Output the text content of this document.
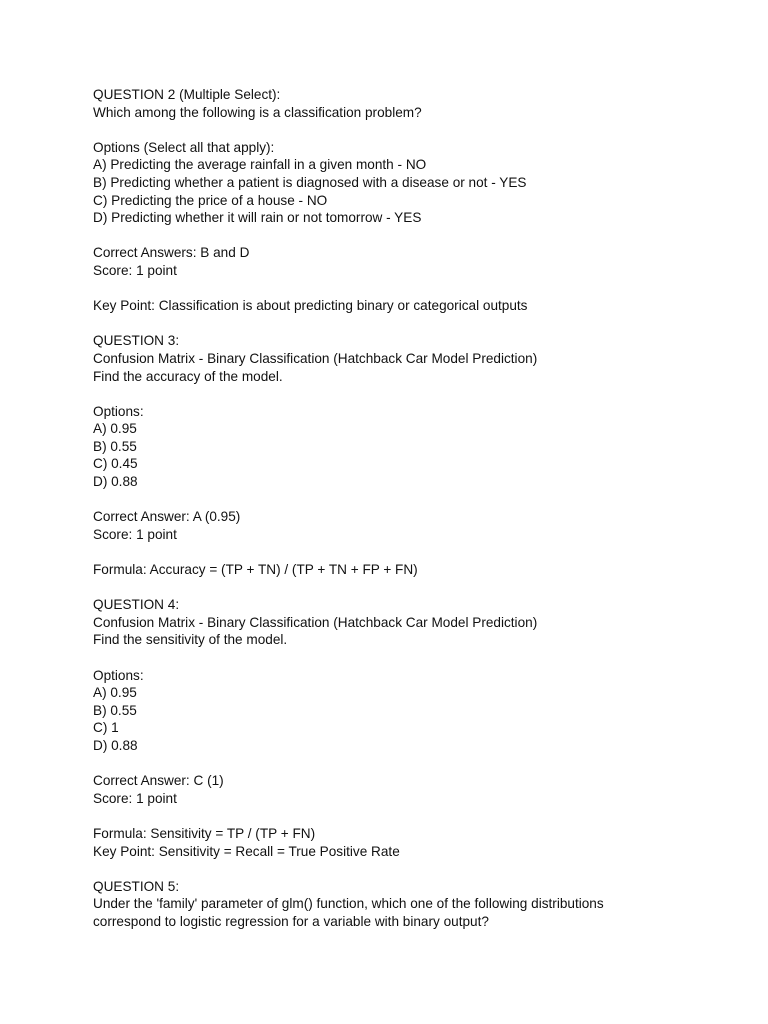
QUESTION 2 (Multiple Select):
Which among the following is a classification problem?
Options (Select all that apply):
A) Predicting the average rainfall in a given month - NO
B) Predicting whether a patient is diagnosed with a disease or not - YES
C) Predicting the price of a house - NO
D) Predicting whether it will rain or not tomorrow - YES
Correct Answers: B and D
Score: 1 point
Key Point: Classification is about predicting binary or categorical outputs
QUESTION 3:
Confusion Matrix - Binary Classification (Hatchback Car Model Prediction)
Find the accuracy of the model.
Options:
A) 0.95
B) 0.55
C) 0.45
D) 0.88
Correct Answer: A (0.95)
Score: 1 point
Formula: Accuracy = (TP + TN) / (TP + TN + FP + FN)
QUESTION 4:
Confusion Matrix - Binary Classification (Hatchback Car Model Prediction)
Find the sensitivity of the model.
Options:
A) 0.95
B) 0.55
C) 1
D) 0.88
Correct Answer: C (1)
Score: 1 point
Formula: Sensitivity = TP / (TP + FN)
Key Point: Sensitivity = Recall = True Positive Rate
QUESTION 5:
Under the 'family' parameter of glm() function, which one of the following distributions
correspond to logistic regression for a variable with binary output?
